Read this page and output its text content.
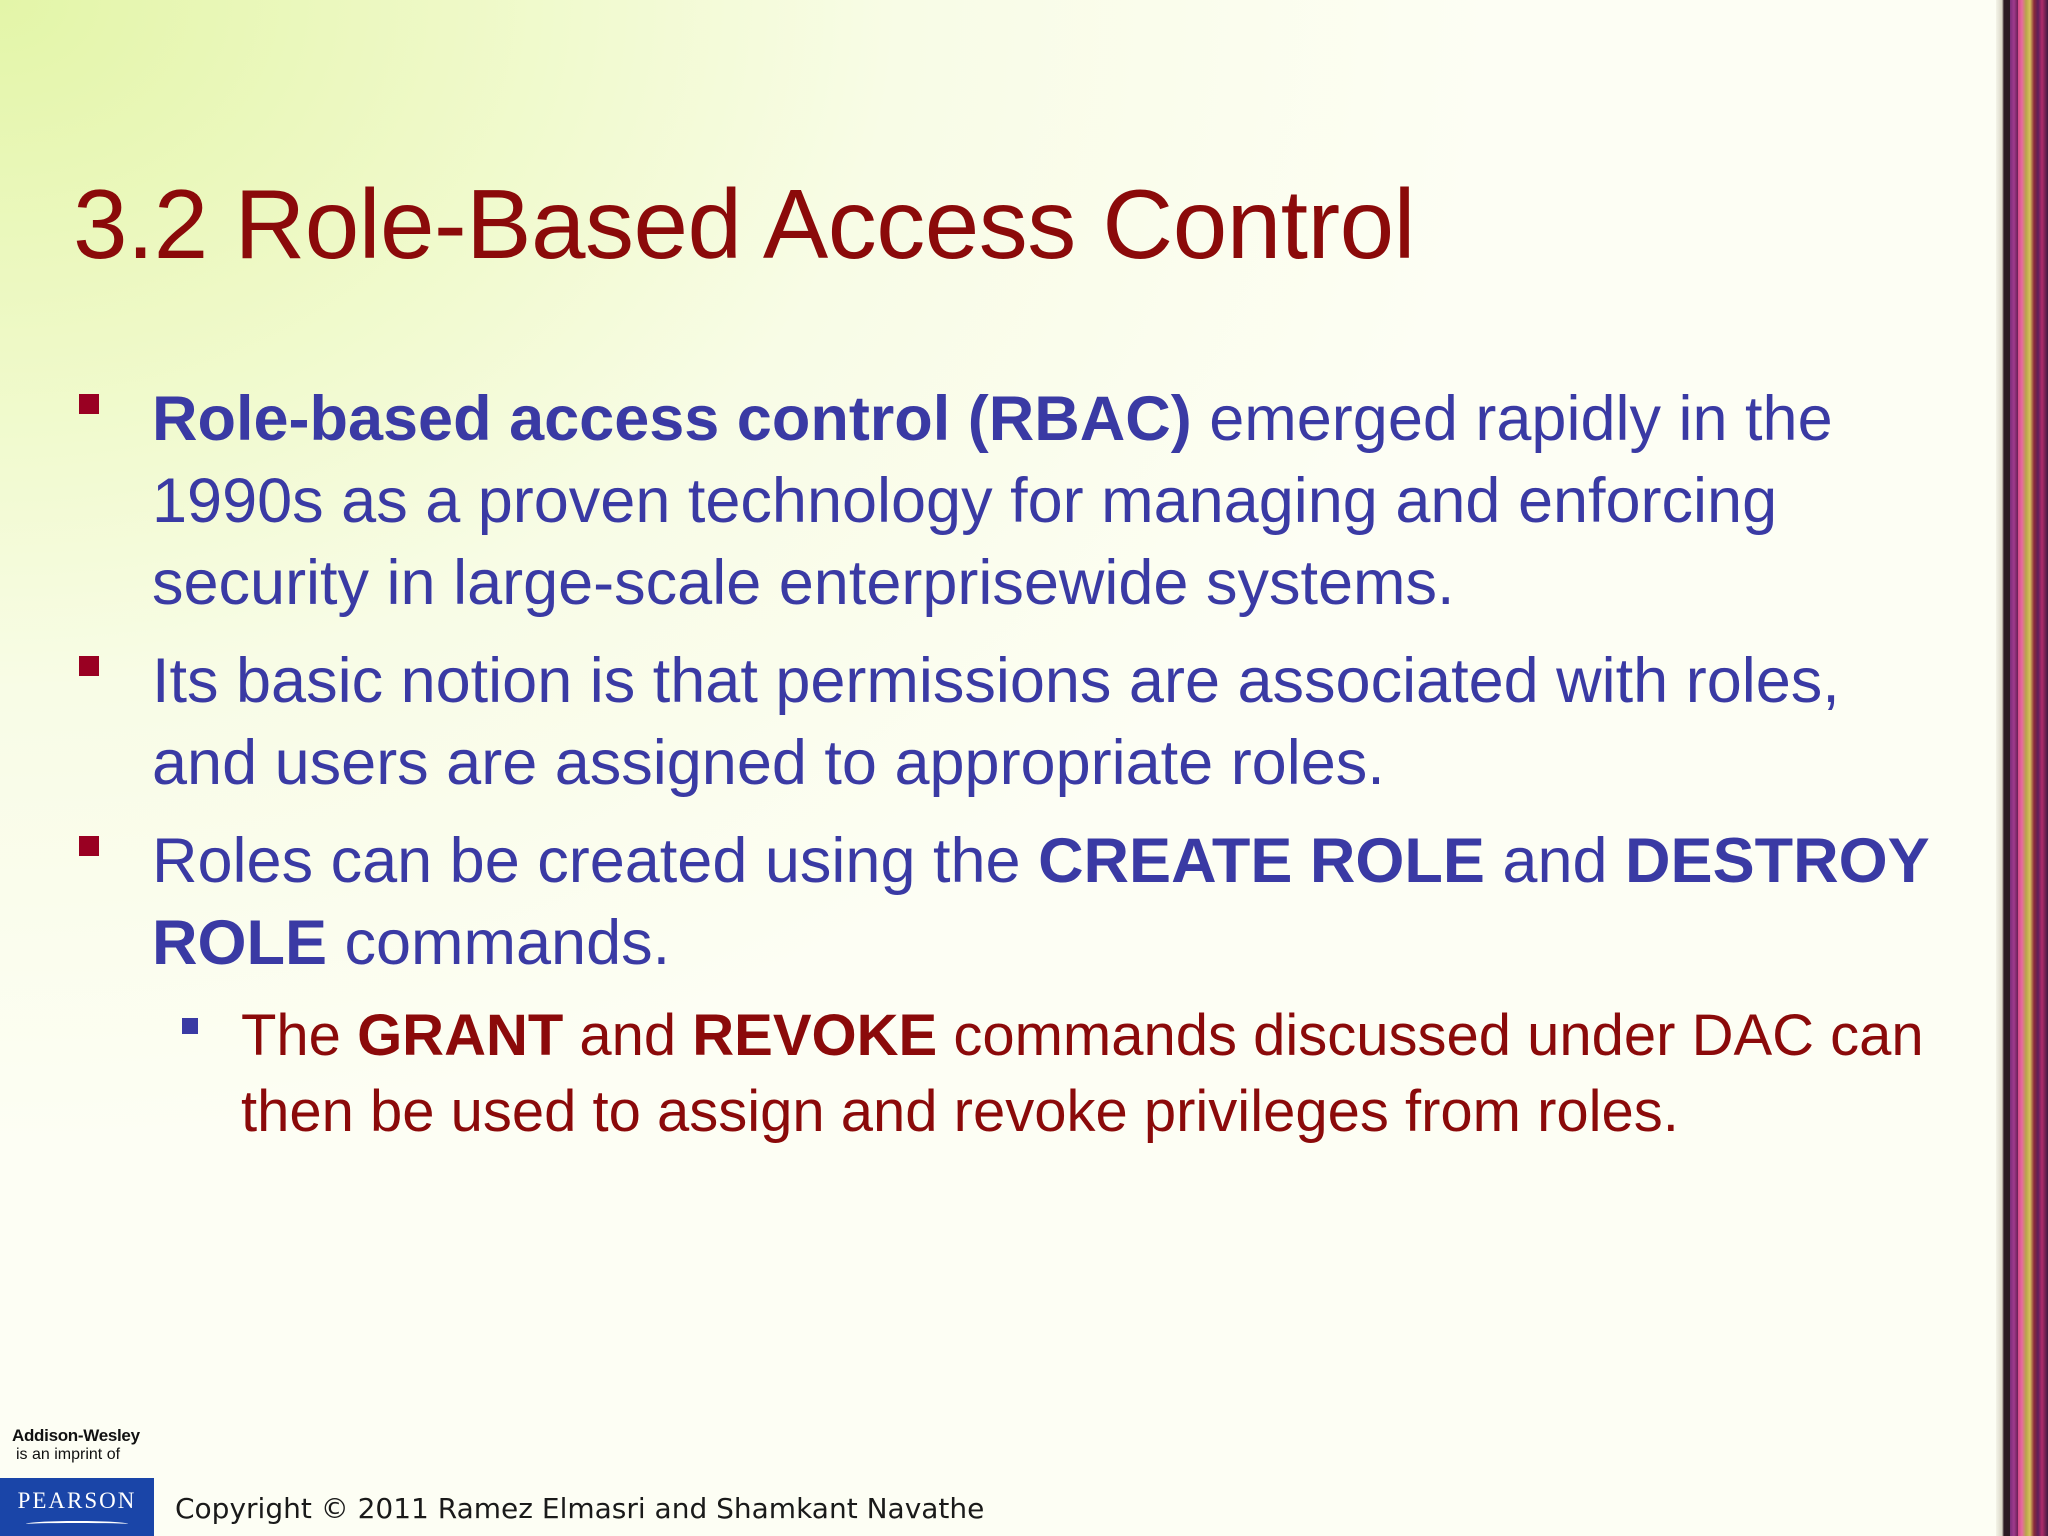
3.2 Role-Based Access Control
Role-based access control (RBAC) emerged rapidly in the 1990s as a proven technology for managing and enforcing security in large-scale enterprisewide systems.
Its basic notion is that permissions are associated with roles, and users are assigned to appropriate roles.
Roles can be created using the CREATE ROLE and DESTROY ROLE commands.
The GRANT and REVOKE commands discussed under DAC can then be used to assign and revoke privileges from roles.
Addison-Wesley
is an imprint of
PEARSON	Copyright © 2011 Ramez Elmasri and Shamkant Navathe
